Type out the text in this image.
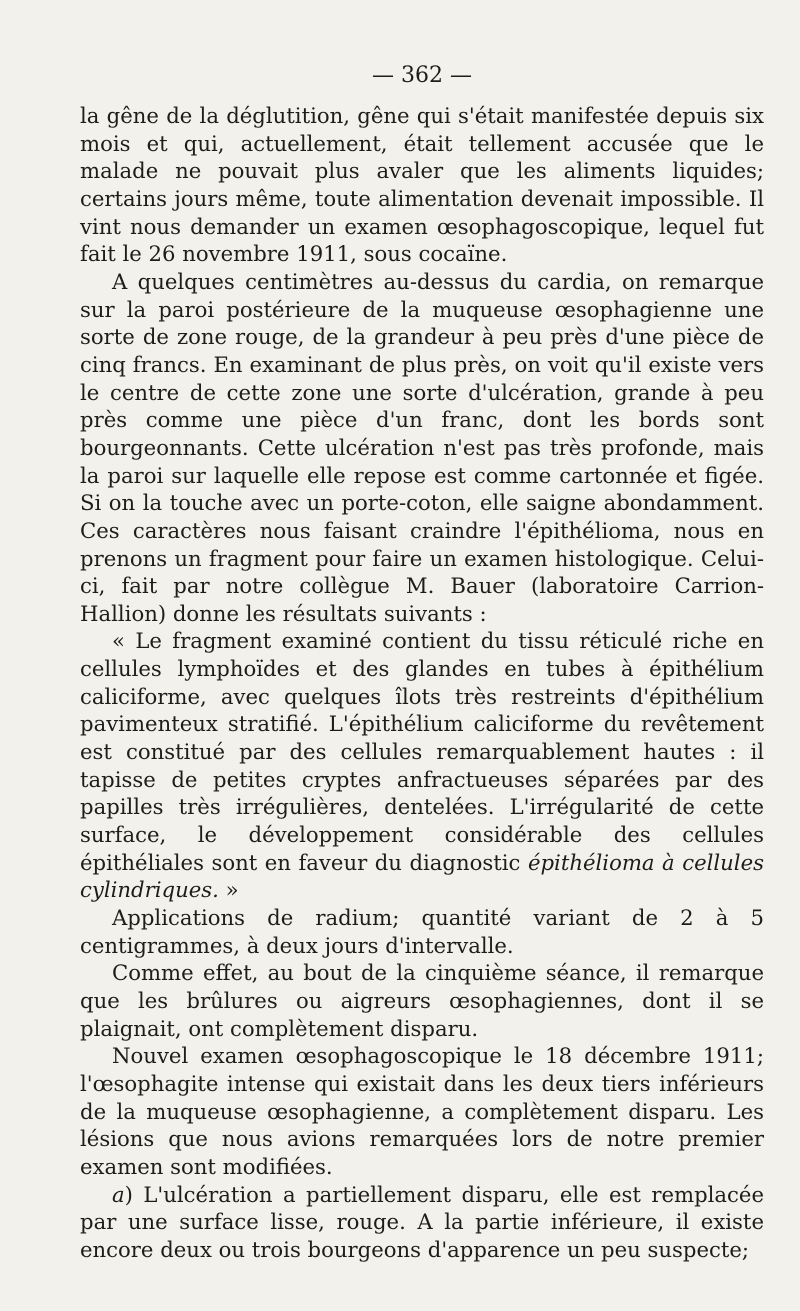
— 362 —

la gêne de la déglutition, gêne qui s'était manifestée depuis six mois et qui, actuellement, était tellement accusée que le malade ne pouvait plus avaler que les aliments liquides; certains jours même, toute alimentation devenait impossible. Il vint nous demander un examen œsophagoscopique, lequel fut fait le 26 novembre 1911, sous cocaïne.

A quelques centimètres au-dessus du cardia, on remarque sur la paroi postérieure de la muqueuse œsophagienne une sorte de zone rouge, de la grandeur à peu près d'une pièce de cinq francs. En examinant de plus près, on voit qu'il existe vers le centre de cette zone une sorte d'ulcération, grande à peu près comme une pièce d'un franc, dont les bords sont bourgeonnants. Cette ulcération n'est pas très profonde, mais la paroi sur laquelle elle repose est comme cartonnée et figée. Si on la touche avec un porte-coton, elle saigne abondamment. Ces caractères nous faisant craindre l'épithélioma, nous en prenons un fragment pour faire un examen histologique. Celui-ci, fait par notre collègue M. Bauer (laboratoire Carrion-Hallion) donne les résultats suivants :

« Le fragment examiné contient du tissu réticulé riche en cellules lymphoïdes et des glandes en tubes à épithélium caliciforme, avec quelques îlots très restreints d'épithélium pavimenteux stratifié. L'épithélium caliciforme du revêtement est constitué par des cellules remarquablement hautes : il tapisse de petites cryptes anfractueuses séparées par des papilles très irrégulières, dentelées. L'irrégularité de cette surface, le développement considérable des cellules épithéliales sont en faveur du diagnostic épithélioma à cellules cylindriques. »

Applications de radium; quantité variant de 2 à 5 centigrammes, à deux jours d'intervalle.

Comme effet, au bout de la cinquième séance, il remarque que les brûlures ou aigreurs œsophagiennes, dont il se plaignait, ont complètement disparu.

Nouvel examen œsophagoscopique le 18 décembre 1911; l'œsophagite intense qui existait dans les deux tiers inférieurs de la muqueuse œsophagienne, a complètement disparu. Les lésions que nous avions remarquées lors de notre premier examen sont modifiées.

a) L'ulcération a partiellement disparu, elle est remplacée par une surface lisse, rouge. A la partie inférieure, il existe encore deux ou trois bourgeons d'apparence un peu suspecte;
